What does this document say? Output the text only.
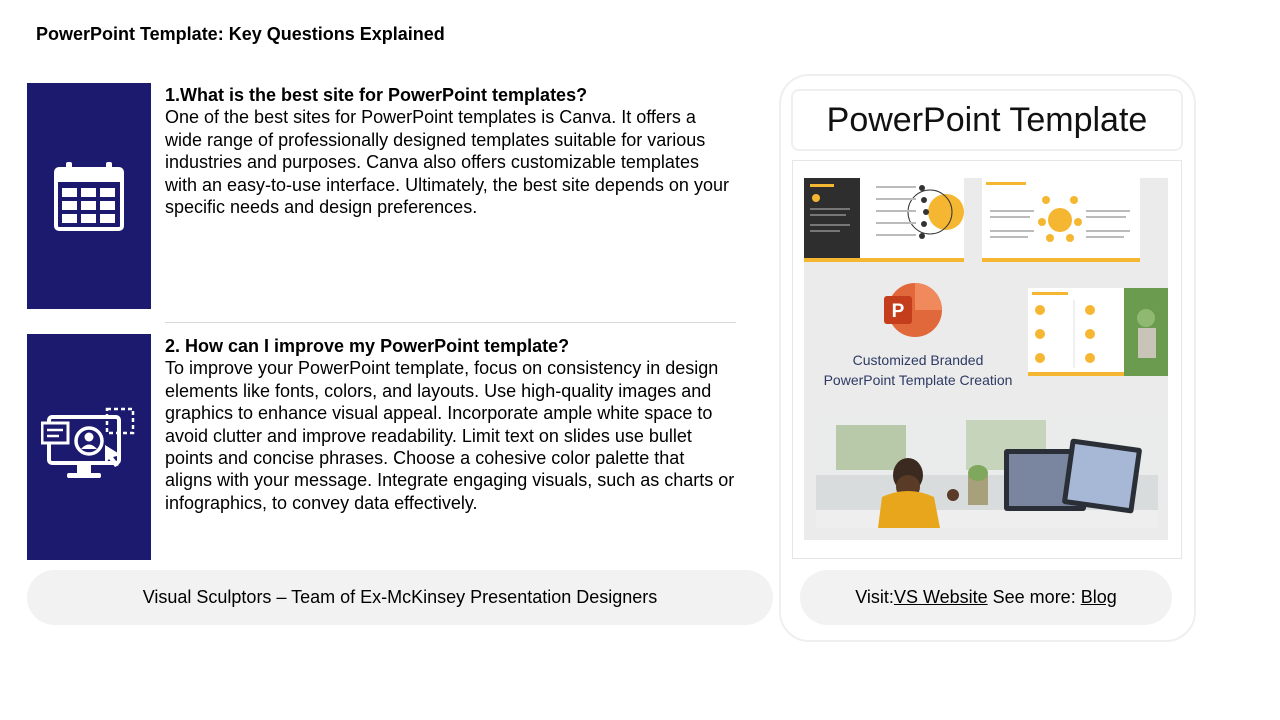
PowerPoint Template: Key Questions Explained
1.What is the best site for PowerPoint templates?
One of the best sites for PowerPoint templates is Canva. It offers a wide range of professionally designed templates suitable for various industries and purposes. Canva also offers customizable templates with an easy-to-use interface. Ultimately, the best site depends on your specific needs and design preferences.
2. How can I improve my PowerPoint template?
To improve your PowerPoint template, focus on consistency in design elements like fonts, colors, and layouts. Use high-quality images and graphics to enhance visual appeal. Incorporate ample white space to avoid clutter and improve readability. Limit text on slides use bullet points and concise phrases. Choose a cohesive color palette that aligns with your message. Integrate engaging visuals, such as charts or infographics, to convey data effectively.
Visual Sculptors – Team of Ex-McKinsey Presentation Designers
PowerPoint Template
P
Customized Branded
PowerPoint Template Creation
Visit: VS Website See more: Blog
